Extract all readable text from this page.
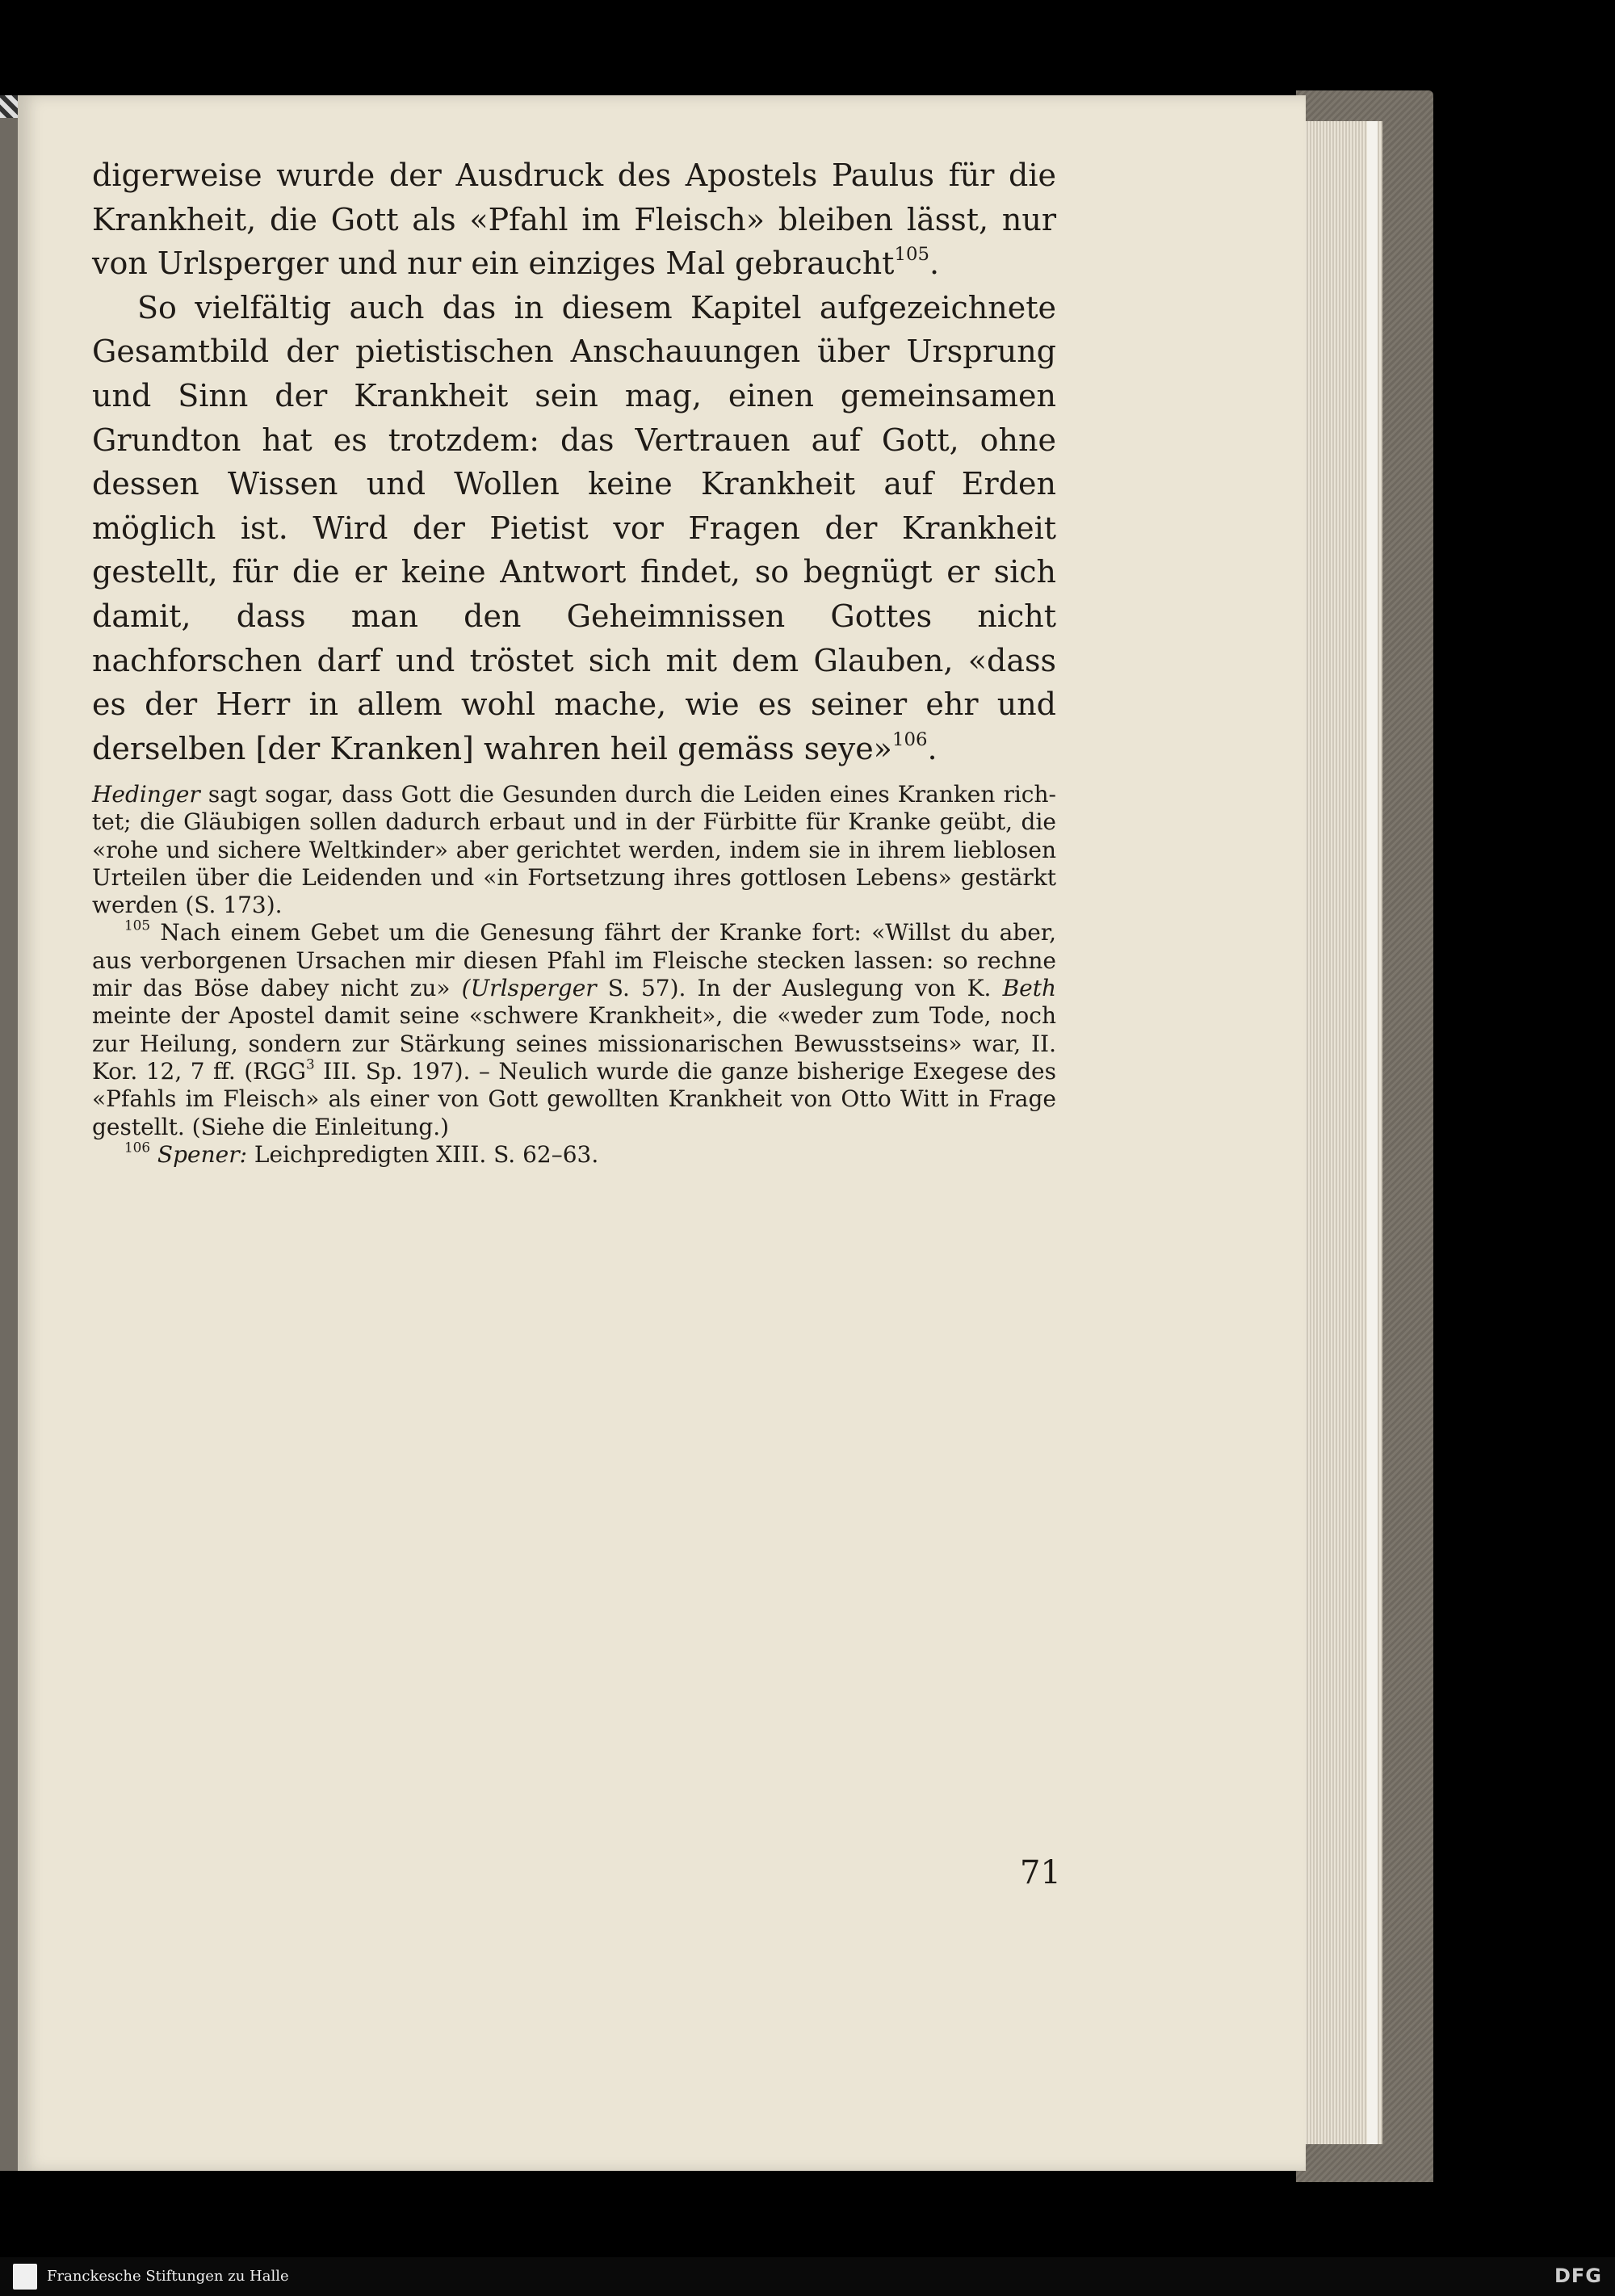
digerweise wurde der Ausdruck des Apostels Paulus für die Krankheit, die Gott als «Pfahl im Fleisch» bleiben lässt, nur von Urlsperger und nur ein einziges Mal gebraucht$^{105}$.

So vielfältig auch das in diesem Kapitel aufgezeichnete Gesamtbild der pietistischen Anschauungen über Ursprung und Sinn der Krankheit sein mag, einen gemeinsamen Grundton hat es trotzdem: das Vertrauen auf Gott, ohne dessen Wissen und Wollen keine Krankheit auf Erden möglich ist. Wird der Pietist vor Fragen der Krankheit gestellt, für die er keine Antwort findet, so begnügt er sich damit, dass man den Geheimnissen Gottes nicht nachforschen darf und tröstet sich mit dem Glauben, «dass es der Herr in allem wohl mache, wie es seiner ehr und derselben [der Kranken] wahren heil gemäss seye»$^{106}$.

Hedinger sagt sogar, dass Gott die Gesunden durch die Leiden eines Kranken richtet; die Gläubigen sollen dadurch erbaut und in der Fürbitte für Kranke geübt, die «rohe und sichere Weltkinder» aber gerichtet werden, indem sie in ihrem lieblosen Urteilen über die Leidenden und «in Fortsetzung ihres gottlosen Lebens» gestärkt werden (S. 173).

$^{105}$ Nach einem Gebet um die Genesung fährt der Kranke fort: «Willst du aber, aus verborgenen Ursachen mir diesen Pfahl im Fleische stecken lassen: so rechne mir das Böse dabey nicht zu» (Urlsperger S. 57). In der Auslegung von K. Beth meinte der Apostel damit seine «schwere Krankheit», die «weder zum Tode, noch zur Heilung, sondern zur Stärkung seines missionarischen Bewusstseins» war, II. Kor. 12, 7 ff. (RGG$^3$ III. Sp. 197). – Neulich wurde die ganze bisherige Exegese des «Pfahls im Fleisch» als einer von Gott gewollten Krankheit von Otto Witt in Frage gestellt. (Siehe die Einleitung.)

$^{106}$ Spener: Leichpredigten XIII. S. 62–63.

71
Franckesche Stiftungen zu Halle	DFG
